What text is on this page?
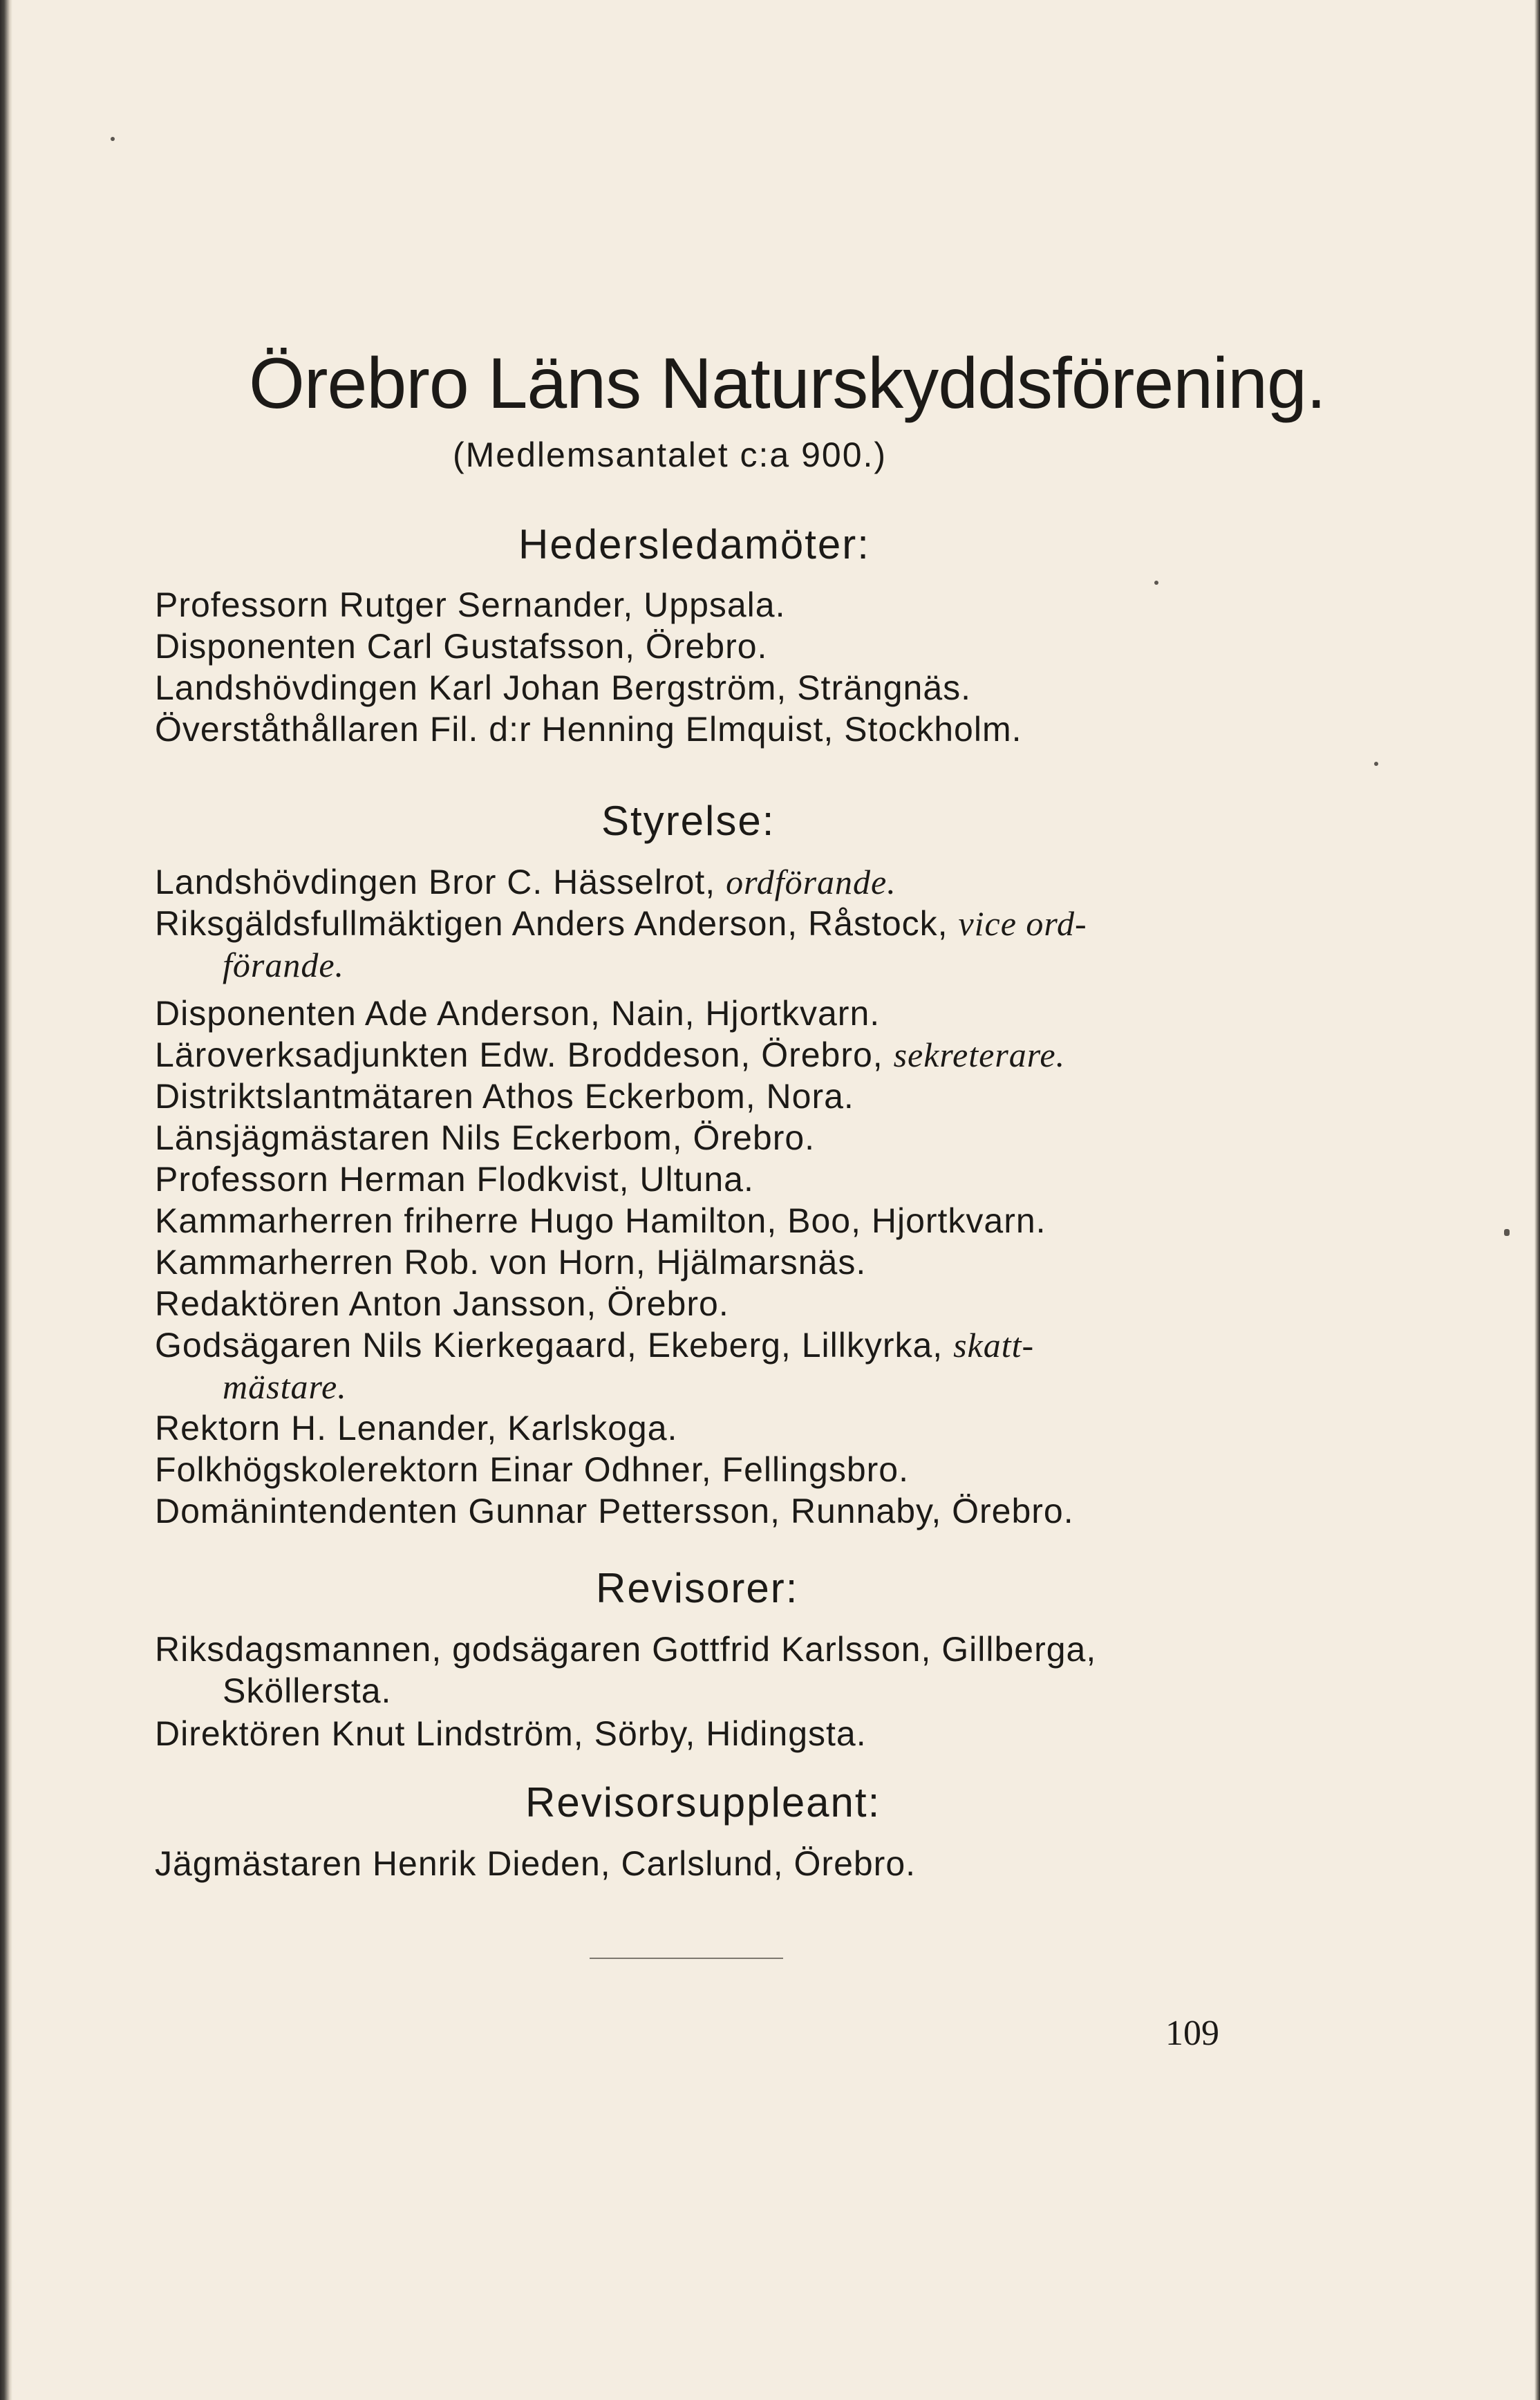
Örebro Läns Naturskyddsförening.
(Medlemsantalet c:a 900.)
Hedersledamöter:
Professorn Rutger Sernander, Uppsala.
Disponenten Carl Gustafsson, Örebro.
Landshövdingen Karl Johan Bergström, Strängnäs.
Överståthållaren Fil. d:r Henning Elmquist, Stockholm.
Styrelse:
Landshövdingen Bror C. Hässelrot, ordförande.
Riksgäldsfullmäktigen Anders Anderson, Råstock, vice ord-
förande.
Disponenten Ade Anderson, Nain, Hjortkvarn.
Läroverksadjunkten Edw. Broddeson, Örebro, sekreterare.
Distriktslantmätaren Athos Eckerbom, Nora.
Länsjägmästaren Nils Eckerbom, Örebro.
Professorn Herman Flodkvist, Ultuna.
Kammarherren friherre Hugo Hamilton, Boo, Hjortkvarn.
Kammarherren Rob. von Horn, Hjälmarsnäs.
Redaktören Anton Jansson, Örebro.
Godsägaren Nils Kierkegaard, Ekeberg, Lillkyrka, skatt-
mästare.
Rektorn H. Lenander, Karlskoga.
Folkhögskolerektorn Einar Odhner, Fellingsbro.
Domänintendenten Gunnar Pettersson, Runnaby, Örebro.
Revisorer:
Riksdagsmannen, godsägaren Gottfrid Karlsson, Gillberga,
Sköllersta.
Direktören Knut Lindström, Sörby, Hidingsta.
Revisorsuppleant:
Jägmästaren Henrik Dieden, Carlslund, Örebro.
109
